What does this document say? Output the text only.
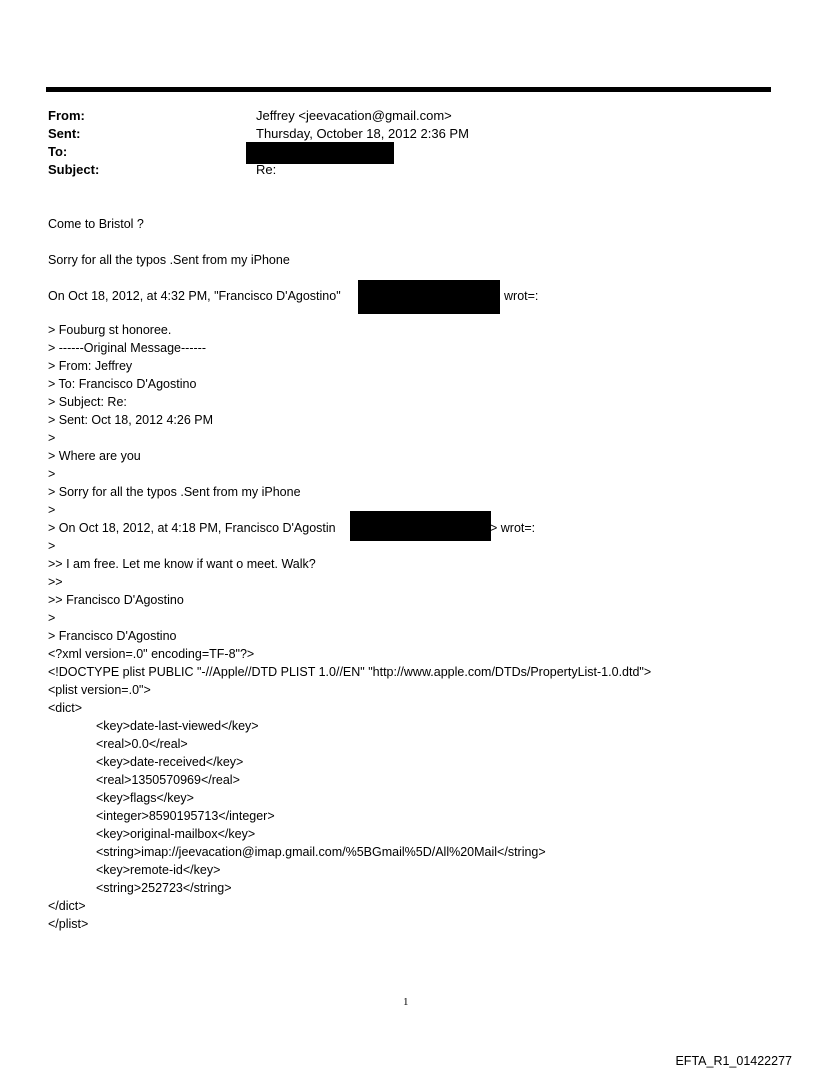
From:	Jeffrey <jeevacation@gmail.com>
Sent:	Thursday, October 18, 2012 2:36 PM
To:
Subject:	Re:
Come to Bristol ?
Sorry for all the typos .Sent from my iPhone
On Oct 18, 2012, at 4:32 PM, "Francisco D'Agostino"	wrot=:
> Fouburg st honoree.
> ------Original Message------
> From: Jeffrey
> To: Francisco D'Agostino
> Subject: Re:
> Sent: Oct 18, 2012 4:26 PM
>
> Where are you
>
> Sorry for all the typos .Sent from my iPhone
>
> On Oct 18, 2012, at 4:18 PM, Francisco D'Agostin	> wrot=:
>
>> I am free. Let me know if want o meet. Walk?
>>
>> Francisco D'Agostino
>
> Francisco D'Agostino
<?xml version=.0" encoding=TF-8"?>
<!DOCTYPE plist PUBLIC "-//Apple//DTD PLIST 1.0//EN" "http://www.apple.com/DTDs/PropertyList-1.0.dtd">
<plist version=.0">
<dict>
<key>date-last-viewed</key>
<real>0.0</real>
<key>date-received</key>
<real>1350570969</real>
<key>flags</key>
<integer>8590195713</integer>
<key>original-mailbox</key>
<string>imap://jeevacation@imap.gmail.com/%5BGmail%5D/All%20Mail</string>
<key>remote-id</key>
<string>252723</string>
</dict>
</plist>
1
EFTA_R1_01422277
